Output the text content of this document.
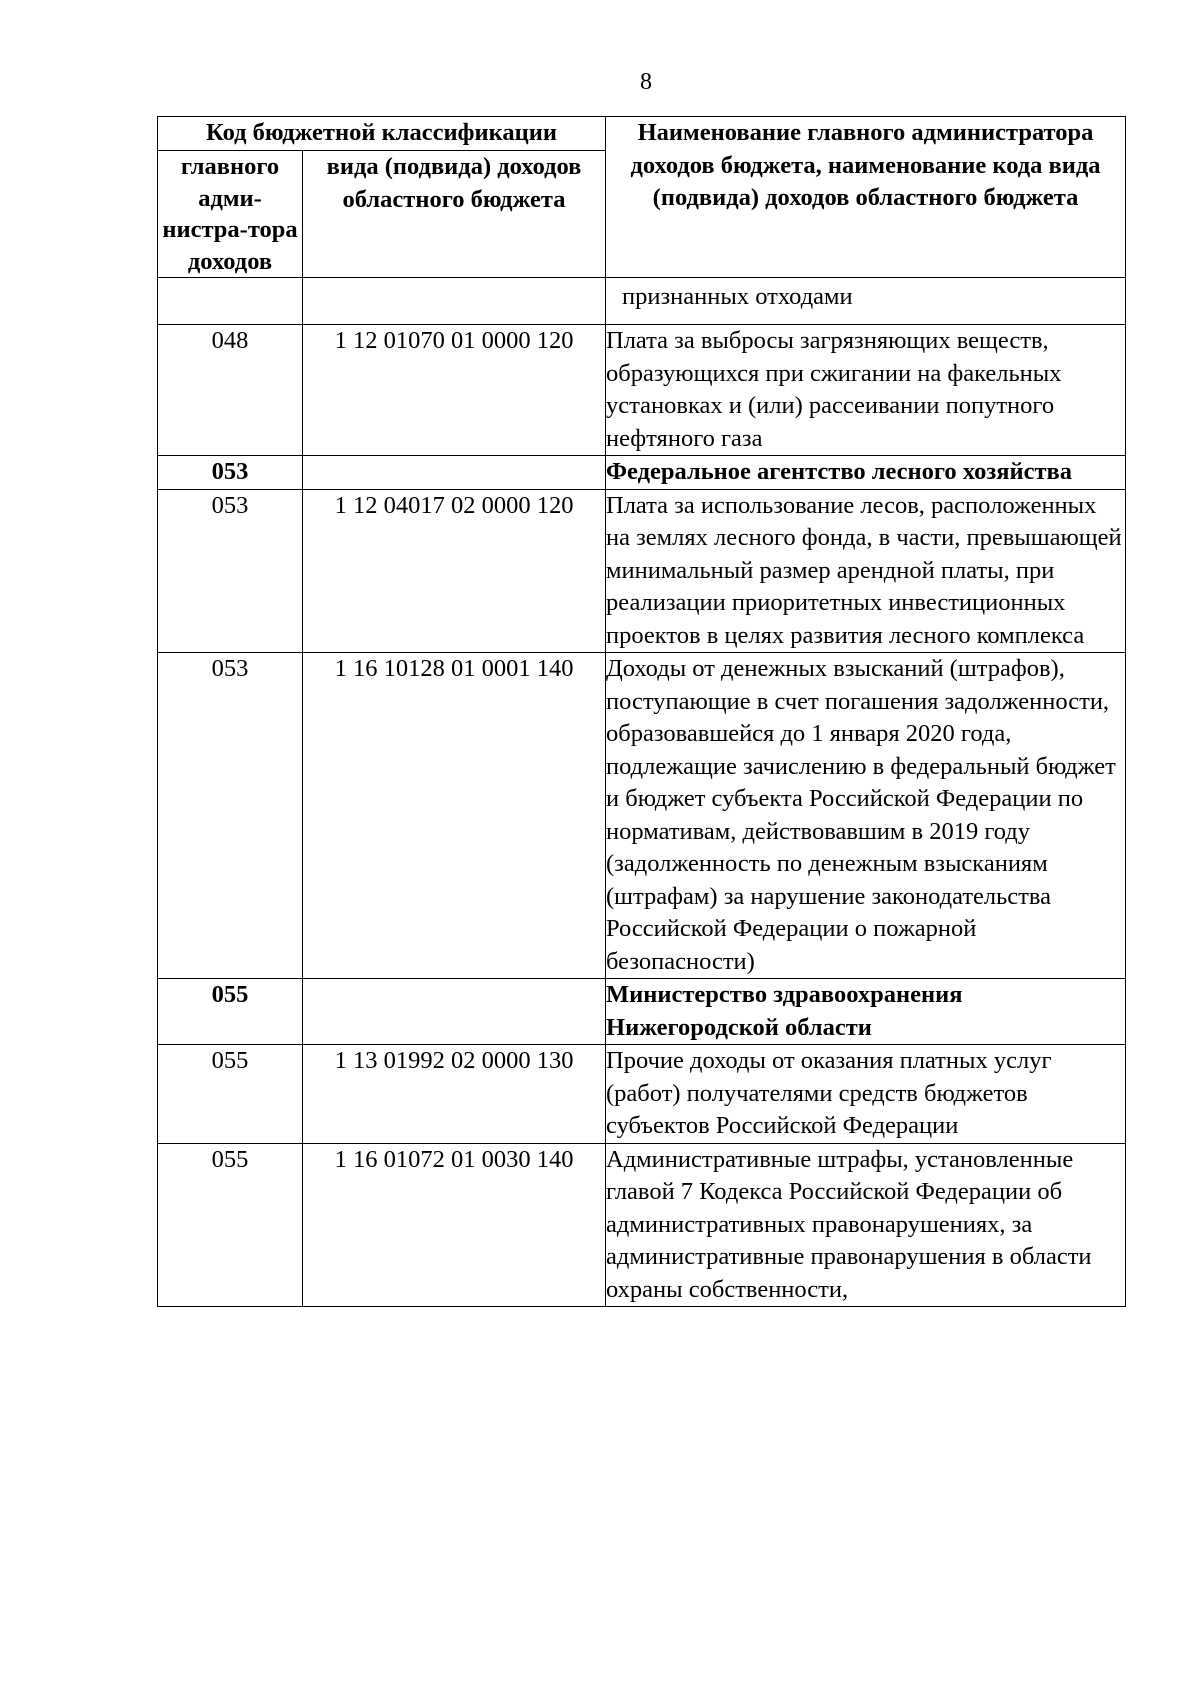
8
Код бюджетной классификации		Наименование главного администратора доходов бюджета, наименование кода вида (подвида) доходов областного бюджета
главного адми-нистра-тора доходов	вида (подвида) доходов областного бюджета	
		признанных отходами
048	1 12 01070 01 0000 120	Плата за выбросы загрязняющих веществ, образующихся при сжигании на факельных установках и (или) рассеивании попутного нефтяного газа
053		Федеральное агентство лесного хозяйства
053	1 12 04017 02 0000 120	Плата за использование лесов, расположенных на землях лесного фонда, в части, превышающей минимальный размер арендной платы, при реализации приоритетных инвестиционных проектов в целях развития лесного комплекса
053	1 16 10128 01 0001 140	Доходы от денежных взысканий (штрафов), поступающие в счет погашения задолженности, образовавшейся до 1 января 2020 года, подлежащие зачислению в федеральный бюджет и бюджет субъекта Российской Федерации по нормативам, действовавшим в 2019 году (задолженность по денежным взысканиям (штрафам) за нарушение законодательства Российской Федерации о пожарной безопасности)
055		Министерство здравоохранения Нижегородской области
055	1 13 01992 02 0000 130	Прочие доходы от оказания платных услуг (работ) получателями средств бюджетов субъектов Российской Федерации
055	1 16 01072 01 0030 140	Административные штрафы, установленные главой 7 Кодекса Российской Федерации об административных правонарушениях, за административные правонарушения в области охраны собственности,
